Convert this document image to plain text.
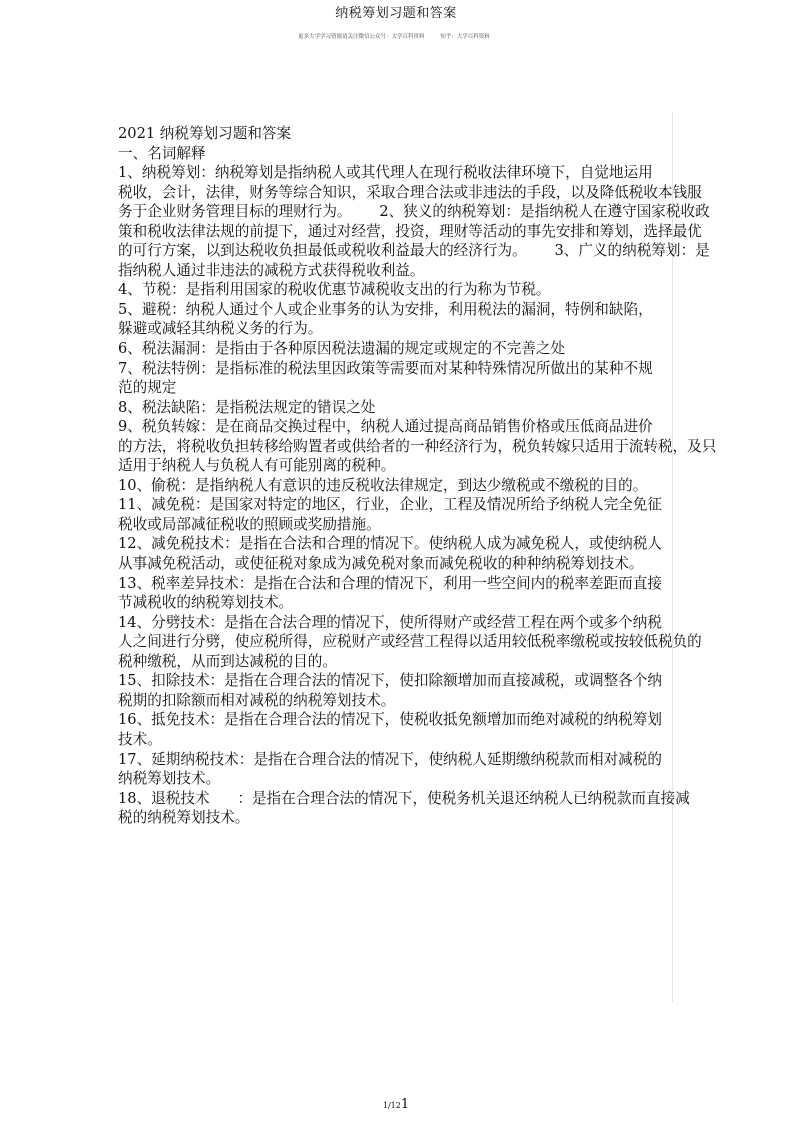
纳税筹划习题和答案
更多大学学习资源请关注微信公众号：大学百科资料	知乎：大学百科资料
2021 纳税筹划习题和答案
一、名词解释
1、纳税筹划：纳税筹划是指纳税人或其代理人在现行税收法律环境下，自觉地运用
税收，会计，法律，财务等综合知识，采取合理合法或非违法的手段，以及降低税收本钱服
务于企业财务管理目标的理财行为。      2、狭义的纳税筹划：是指纳税人在遵守国家税收政
策和税收法律法规的前提下，通过对经营，投资，理财等活动的事先安排和筹划，选择最优
的可行方案，以到达税收负担最低或税收利益最大的经济行为。      3、广义的纳税筹划：是
指纳税人通过非违法的减税方式获得税收利益。
4、节税：是指利用国家的税收优惠节减税收支出的行为称为节税。
5、避税：纳税人通过个人或企业事务的认为安排，利用税法的漏洞，特例和缺陷，
躲避或减轻其纳税义务的行为。
6、税法漏洞：是指由于各种原因税法遗漏的规定或规定的不完善之处
7、税法特例：是指标准的税法里因政策等需要而对某种特殊情况所做出的某种不规
范的规定
8、税法缺陷：是指税法规定的错误之处
9、税负转嫁：是在商品交换过程中，纳税人通过提高商品销售价格或压低商品进价
的方法，将税收负担转移给购置者或供给者的一种经济行为，税负转嫁只适用于流转税，及只
适用于纳税人与负税人有可能别离的税种。
10、偷税：是指纳税人有意识的违反税收法律规定，到达少缴税或不缴税的目的。
11、减免税：是国家对特定的地区，行业，企业，工程及情况所给予纳税人完全免征
税收或局部减征税收的照顾或奖励措施。
12、减免税技术：是指在合法和合理的情况下。使纳税人成为减免税人，或使纳税人
从事减免税活动，或使征税对象成为减免税对象而减免税收的种种纳税筹划技术。
13、税率差异技术：是指在合法和合理的情况下，利用一些空间内的税率差距而直接
节减税收的纳税筹划技术。
14、分劈技术：是指在合法合理的情况下，使所得财产或经营工程在两个或多个纳税
人之间进行分劈，使应税所得，应税财产或经营工程得以适用较低税率缴税或按较低税负的
税种缴税，从而到达减税的目的。
15、扣除技术：是指在合理合法的情况下，使扣除额增加而直接减税，或调整各个纳
税期的扣除额而相对减税的纳税筹划技术。
16、抵免技术：是指在合理合法的情况下，使税收抵免额增加而绝对减税的纳税筹划
技术。
17、延期纳税技术：是指在合理合法的情况下，使纳税人延期缴纳税款而相对减税的
纳税筹划技术。
18、退税技术      ：是指在合理合法的情况下，使税务机关退还纳税人已纳税款而直接减
税的纳税筹划技术。
1/121
